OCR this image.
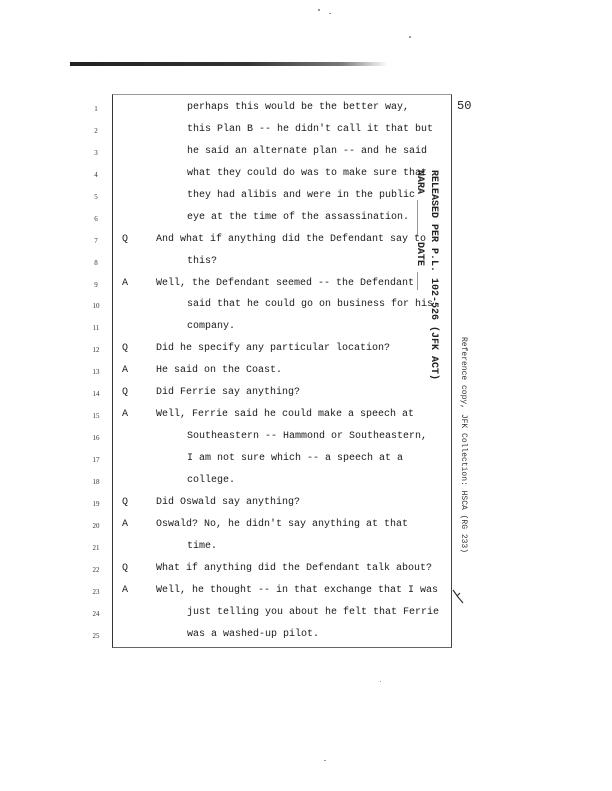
50
RELEASED PER P.L. 102-526 (JFK ACT)
NARA ______ DATE ___
Reference copy, JFK Collection: HSCA (RG 233)
1	perhaps this would be the better way,
2	this Plan B -- he didn't call it that but
3	he said an alternate plan -- and he said
4	what they could do was to make sure that
5	they had alibis and were in the public
6	eye at the time of the assassination.
7	Q	And what if anything did the Defendant say to
8	this?
9	A	Well, the Defendant seemed -- the Defendant
10	said that he could go on business for his
11	company.
12	Q	Did he specify any particular location?
13	A	He said on the Coast.
14	Q	Did Ferrie say anything?
15	A	Well, Ferrie said he could make a speech at
16	Southeastern -- Hammond or Southeastern,
17	I am not sure which -- a speech at a
18	college.
19	Q	Did Oswald say anything?
20	A	Oswald? No, he didn't say anything at that
21	time.
22	Q	What if anything did the Defendant talk about?
23	A	Well, he thought -- in that exchange that I was
24	just telling you about he felt that Ferrie
25	was a washed-up pilot.
